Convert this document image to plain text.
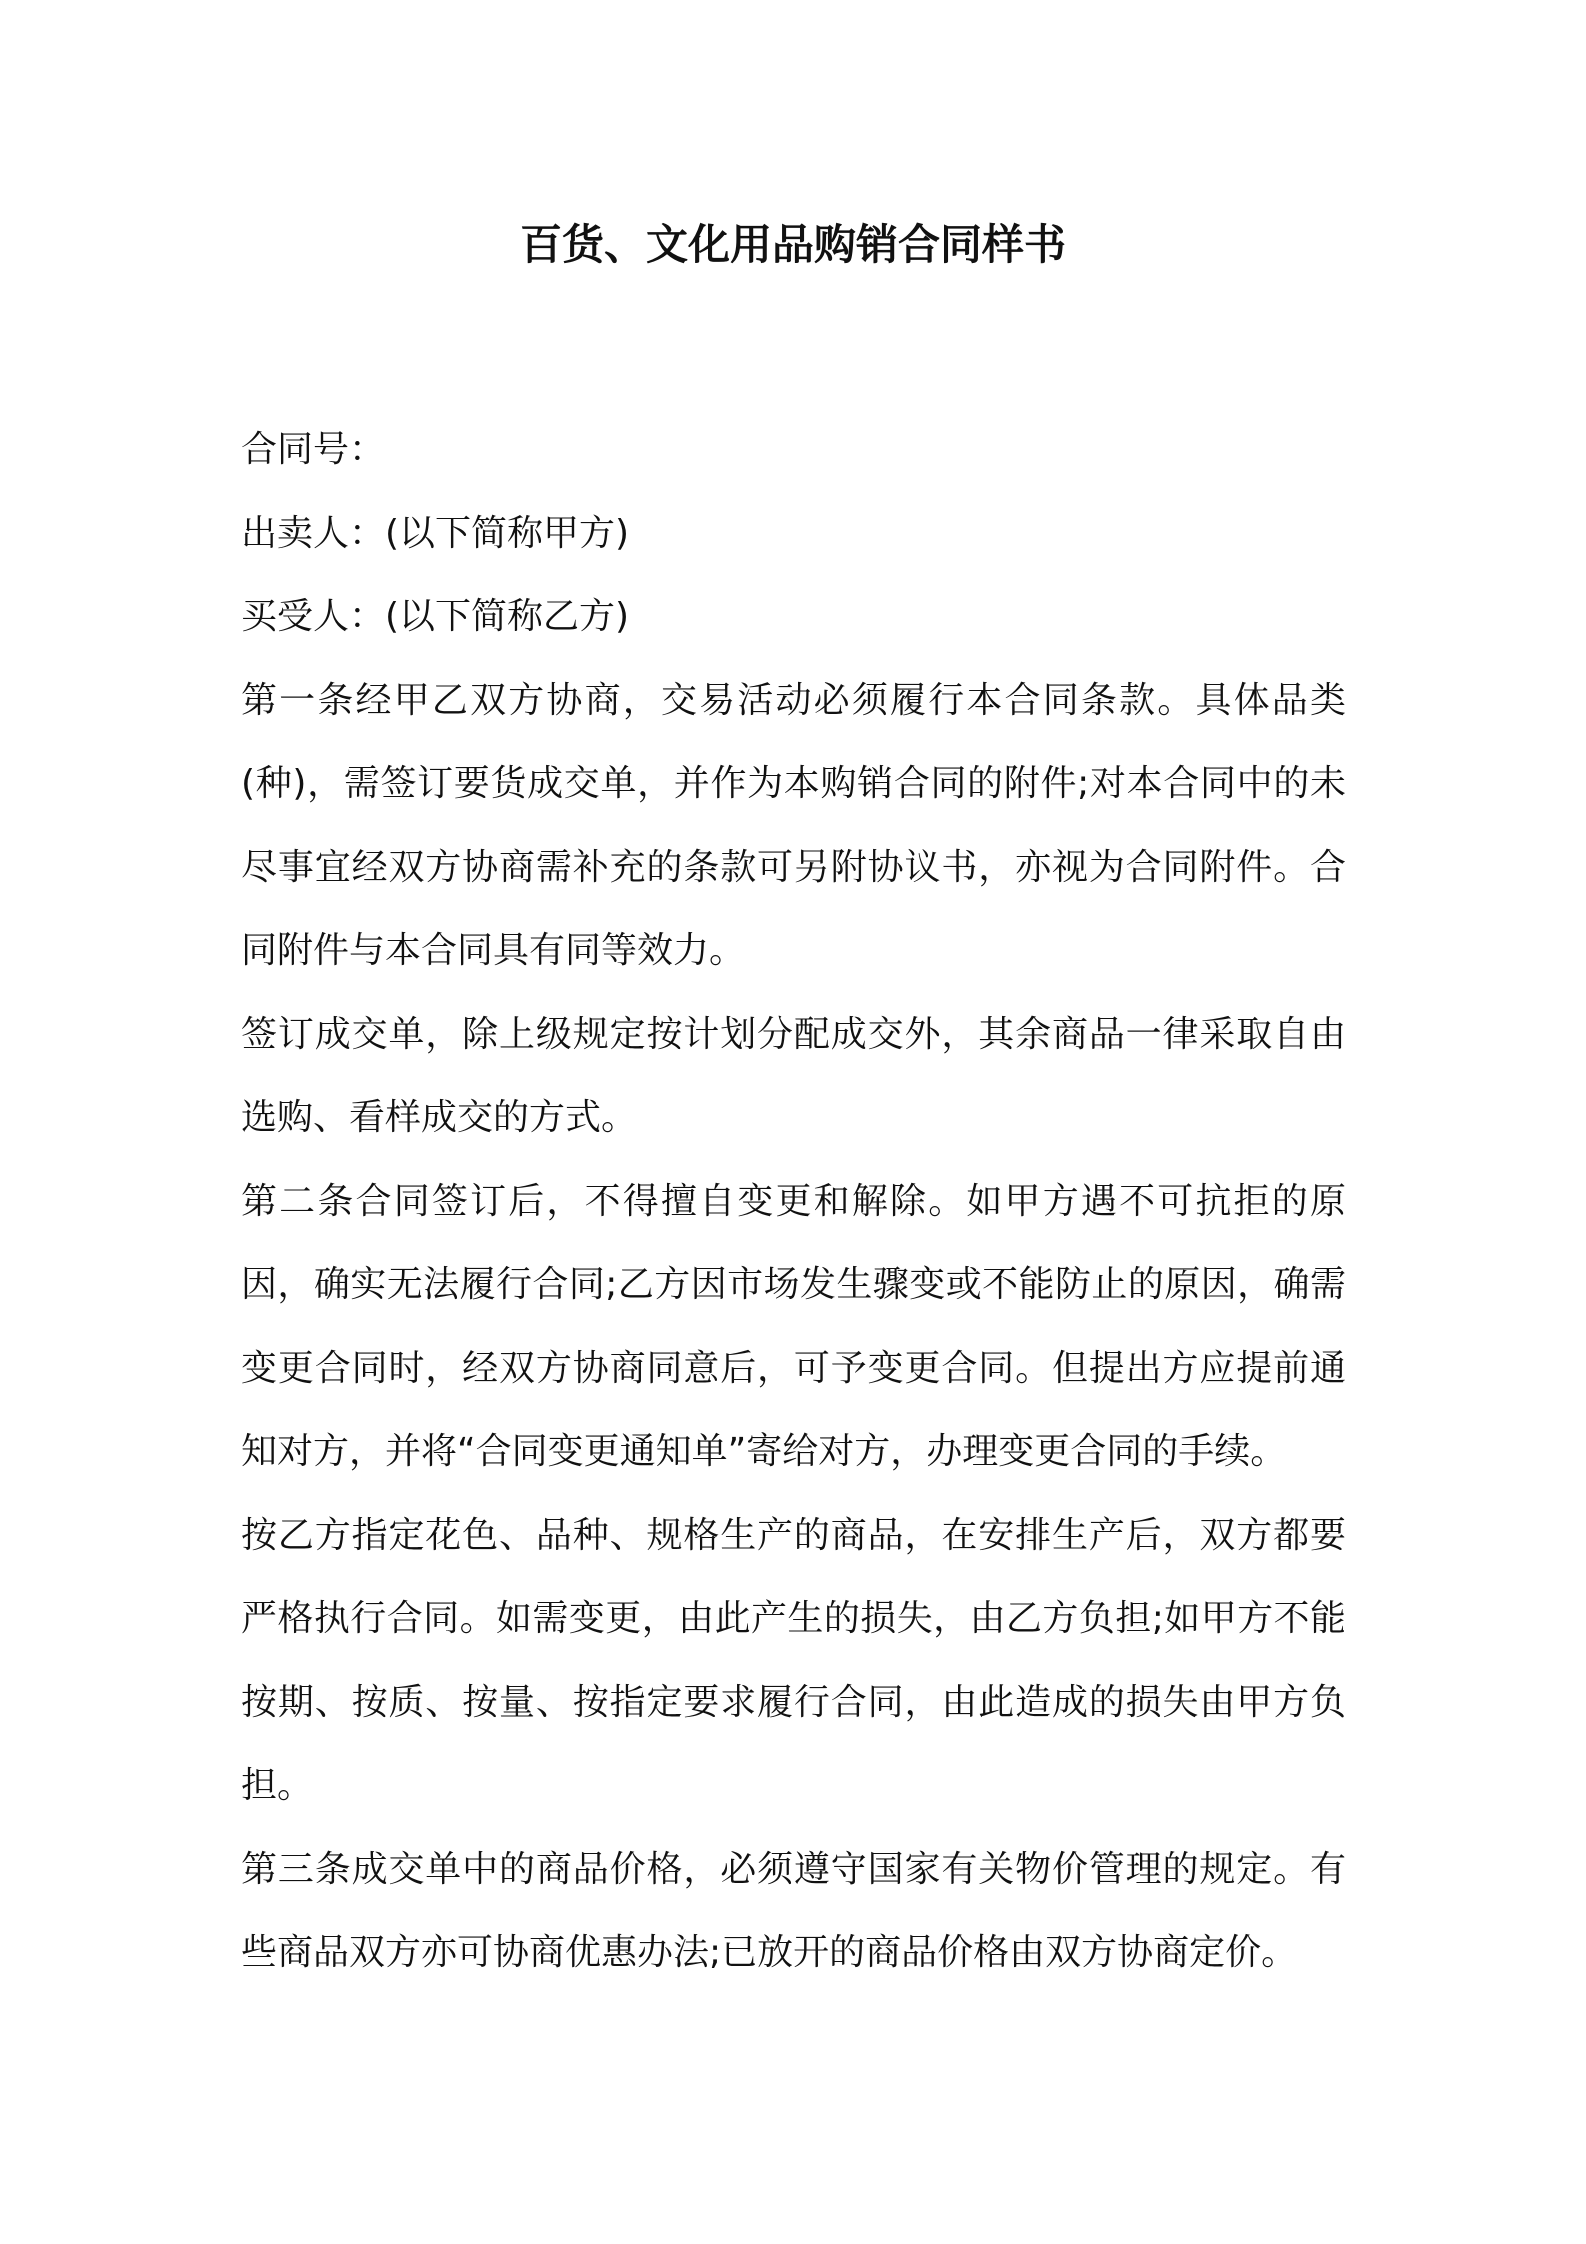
百货、文化用品购销合同样书

合同号：

出卖人：(以下简称甲方)

买受人：(以下简称乙方)

第一条经甲乙双方协商，交易活动必须履行本合同条款。具体品类(种)，需签订要货成交单，并作为本购销合同的附件;对本合同中的未尽事宜经双方协商需补充的条款可另附协议书，亦视为合同附件。合同附件与本合同具有同等效力。

签订成交单，除上级规定按计划分配成交外，其余商品一律采取自由选购、看样成交的方式。

第二条合同签订后，不得擅自变更和解除。如甲方遇不可抗拒的原因，确实无法履行合同;乙方因市场发生骤变或不能防止的原因，确需变更合同时，经双方协商同意后，可予变更合同。但提出方应提前通知对方，并将“合同变更通知单”寄给对方，办理变更合同的手续。

按乙方指定花色、品种、规格生产的商品，在安排生产后，双方都要严格执行合同。如需变更，由此产生的损失，由乙方负担;如甲方不能按期、按质、按量、按指定要求履行合同，由此造成的损失由甲方负担。

第三条成交单中的商品价格，必须遵守国家有关物价管理的规定。有些商品双方亦可协商优惠办法;已放开的商品价格由双方协商定价。
